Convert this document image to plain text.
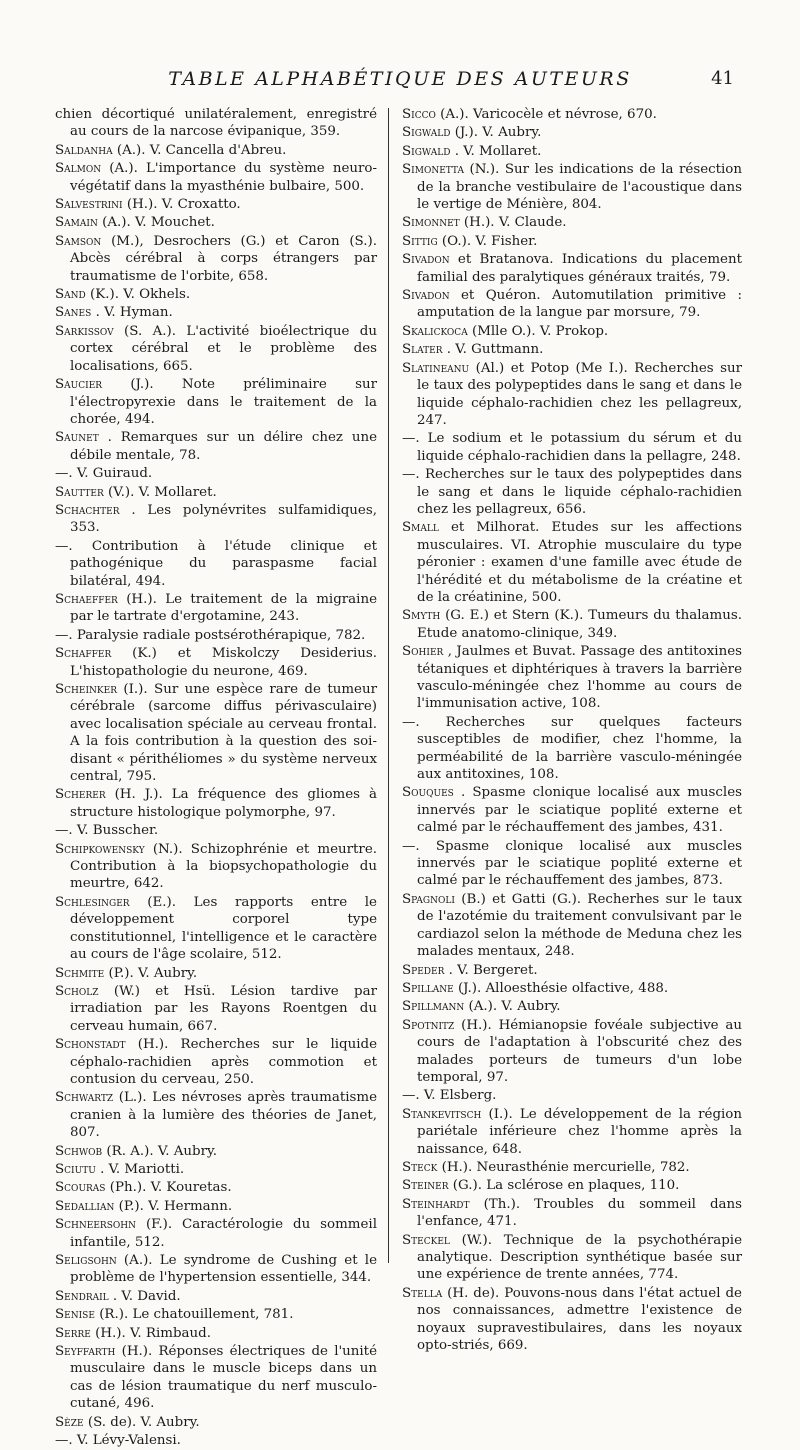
TABLE ALPHABÉTIQUE DES AUTEURS	41

chien décortiqué unilatéralement, enregistré au cours de la narcose évipanique, 359.

Saldanha (A.). V. Cancella d'Abreu.

Salmon (A.). L'importance du système neuro-végétatif dans la myasthénie bulbaire, 500.

Salvestrini (H.). V. Croxatto.

Samain (A.). V. Mouchet.

Samson (M.), Desrochers (G.) et Caron (S.). Abcès cérébral à corps étrangers par traumatisme de l'orbite, 658.

Sand (K.). V. Okhels.

Sanes . V. Hyman.

Sarkissov (S. A.). L'activité bioélectrique du cortex cérébral et le problème des localisations, 665.

Saucier (J.). Note préliminaire sur l'électropyrexie dans le traitement de la chorée, 494.

Saunet . Remarques sur un délire chez une débile mentale, 78.

—. V. Guiraud.

Sautter (V.). V. Mollaret.

Schachter . Les polynévrites sulfamidiques, 353.

—. Contribution à l'étude clinique et pathogénique du paraspasme facial bilatéral, 494.

Schaeffer (H.). Le traitement de la migraine par le tartrate d'ergotamine, 243.

—. Paralysie radiale postsérothérapique, 782.

Schaffer (K.) et Miskolczy Desiderius. L'histopathologie du neurone, 469.

Scheinker (I.). Sur une espèce rare de tumeur cérébrale (sarcome diffus périvasculaire) avec localisation spéciale au cerveau frontal. A la fois contribution à la question des soi-disant « périthéliomes » du système nerveux central, 795.

Scherer (H. J.). La fréquence des gliomes à structure histologique polymorphe, 97.

—. V. Busscher.

Schipkowensky (N.). Schizophrénie et meurtre. Contribution à la biopsychopathologie du meurtre, 642.

Schlesinger (E.). Les rapports entre le développement corporel type constitutionnel, l'intelligence et le caractère au cours de l'âge scolaire, 512.

Schmite (P.). V. Aubry.

Scholz (W.) et Hsü. Lésion tardive par irradiation par les Rayons Roentgen du cerveau humain, 667.

Schonstadt (H.). Recherches sur le liquide céphalo-rachidien après commotion et contusion du cerveau, 250.

Schwartz (L.). Les névroses après traumatisme cranien à la lumière des théories de Janet, 807.

Schwob (R. A.). V. Aubry.

Sciutu . V. Mariotti.

Scouras (Ph.). V. Kouretas.

Sedallian (P.). V. Hermann.

Schneersohn (F.). Caractérologie du sommeil infantile, 512.

Seligsohn (A.). Le syndrome de Cushing et le problème de l'hypertension essentielle, 344.

Sendrail . V. David.

Senise (R.). Le chatouillement, 781.

Serre (H.). V. Rimbaud.

Seyffarth (H.). Réponses électriques de l'unité musculaire dans le muscle biceps dans un cas de lésion traumatique du nerf musculo-cutané, 496.

Sèze (S. de). V. Aubry.

—. V. Lévy-Valensi.

Sicco (A.). Varicocèle et névrose, 670.

Sigwald (J.). V. Aubry.

Sigwald . V. Mollaret.

Simonetta (N.). Sur les indications de la résection de la branche vestibulaire de l'acoustique dans le vertige de Ménière, 804.

Simonnet (H.). V. Claude.

Sittig (O.). V. Fisher.

Sivadon et Bratanova. Indications du placement familial des paralytiques généraux traités, 79.

Sivadon et Quéron. Automutilation primitive : amputation de la langue par morsure, 79.

Skalickoca (Mlle O.). V. Prokop.

Slater . V. Guttmann.

Slatineanu (Al.) et Potop (Me I.). Recherches sur le taux des polypeptides dans le sang et dans le liquide céphalo-rachidien chez les pellagreux, 247.

—. Le sodium et le potassium du sérum et du liquide céphalo-rachidien dans la pellagre, 248.

—. Recherches sur le taux des polypeptides dans le sang et dans le liquide céphalo-rachidien chez les pellagreux, 656.

Small et Milhorat. Etudes sur les affections musculaires. VI. Atrophie musculaire du type péronier : examen d'une famille avec étude de l'hérédité et du métabolisme de la créatine et de la créatinine, 500.

Smyth (G. E.) et Stern (K.). Tumeurs du thalamus. Etude anatomo-clinique, 349.

Sohier , Jaulmes et Buvat. Passage des antitoxines tétaniques et diphtériques à travers la barrière vasculo-méningée chez l'homme au cours de l'immunisation active, 108.

—. Recherches sur quelques facteurs susceptibles de modifier, chez l'homme, la perméabilité de la barrière vasculo-méningée aux antitoxines, 108.

Souques . Spasme clonique localisé aux muscles innervés par le sciatique poplité externe et calmé par le réchauffement des jambes, 431.

—. Spasme clonique localisé aux muscles innervés par le sciatique poplité externe et calmé par le réchauffement des jambes, 873.

Spagnoli (B.) et Gatti (G.). Recherhes sur le taux de l'azotémie du traitement convulsivant par le cardiazol selon la méthode de Meduna chez les malades mentaux, 248.

Speder . V. Bergeret.

Spillane (J.). Alloesthésie olfactive, 488.

Spillmann (A.). V. Aubry.

Spotnitz (H.). Hémianopsie fovéale subjective au cours de l'adaptation à l'obscurité chez des malades porteurs de tumeurs d'un lobe temporal, 97.

—. V. Elsberg.

Stankevitsch (I.). Le développement de la région pariétale inférieure chez l'homme après la naissance, 648.

Steck (H.). Neurasthénie mercurielle, 782.

Steiner (G.). La sclérose en plaques, 110.

Steinhardt (Th.). Troubles du sommeil dans l'enfance, 471.

Steckel (W.). Technique de la psychothérapie analytique. Description synthétique basée sur une expérience de trente années, 774.

Stella (H. de). Pouvons-nous dans l'état actuel de nos connaissances, admettre l'existence de noyaux supravestibulaires, dans les noyaux opto-striés, 669.
